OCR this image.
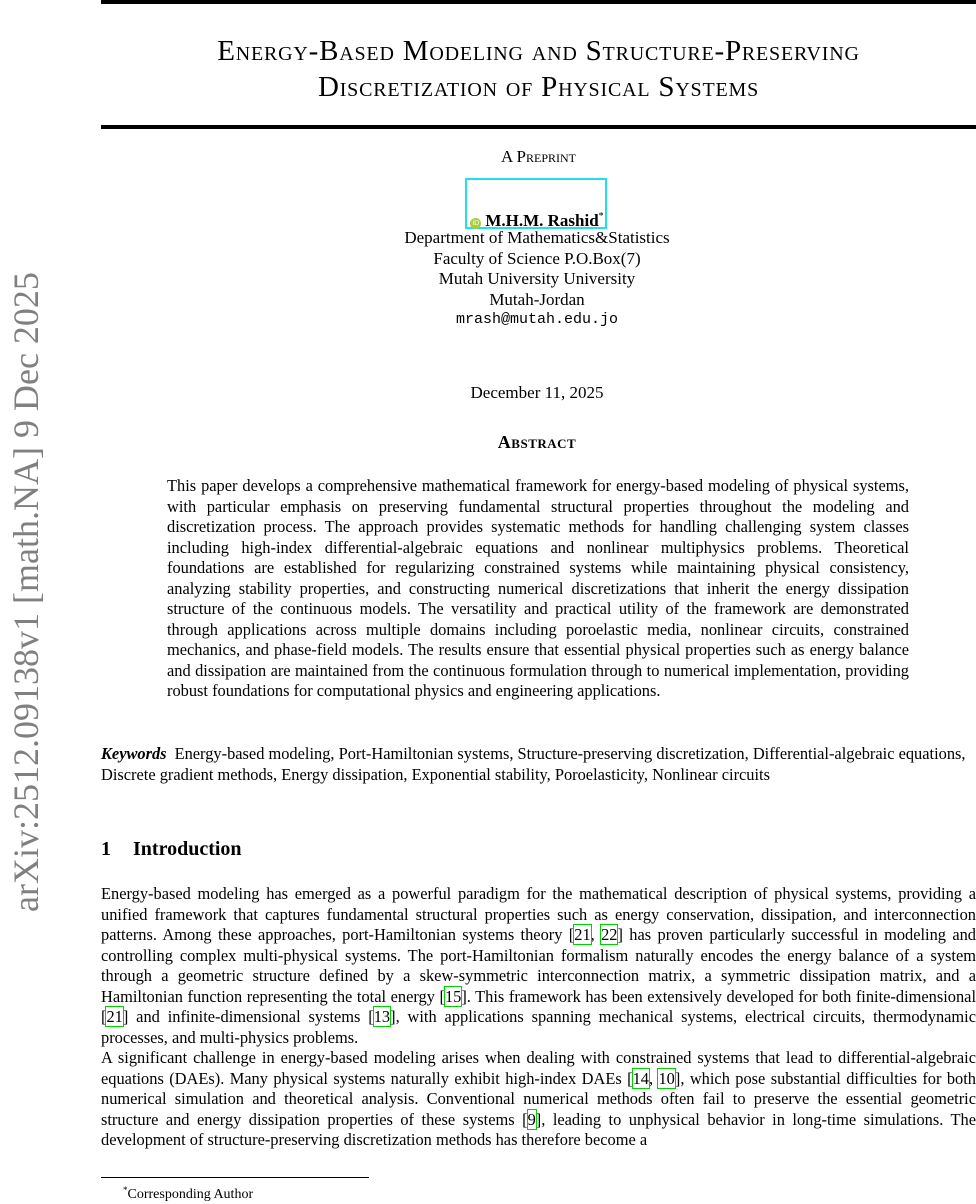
arXiv:2512.09138v1 [math.NA] 9 Dec 2025
Energy-Based Modeling and Structure-Preserving
Discretization of Physical Systems
A Preprint
iD M.H.M. Rashid*
Department of Mathematics&Statistics
Faculty of Science P.O.Box(7)
Mutah University University
Mutah-Jordan
mrash@mutah.edu.jo
December 11, 2025
Abstract
This paper develops a comprehensive mathematical framework for energy-based modeling of physical systems, with particular emphasis on preserving fundamental structural properties throughout the modeling and discretization process. The approach provides systematic methods for handling challenging system classes including high-index differential-algebraic equations and nonlinear multiphysics problems. Theoretical foundations are established for regularizing constrained systems while maintaining physical consistency, analyzing stability properties, and constructing numerical discretizations that inherit the energy dissipation structure of the continuous models. The versatility and practical utility of the framework are demonstrated through applications across multiple domains including poroelastic media, nonlinear circuits, constrained mechanics, and phase-field models. The results ensure that essential physical properties such as energy balance and dissipation are maintained from the continuous formulation through to numerical implementation, providing robust foundations for computational physics and engineering applications.
Keywords Energy-based modeling, Port-Hamiltonian systems, Structure-preserving discretization, Differential-algebraic equations, Discrete gradient methods, Energy dissipation, Exponential stability, Poroelasticity, Nonlinear circuits
1 Introduction
Energy-based modeling has emerged as a powerful paradigm for the mathematical description of physical systems, providing a unified framework that captures fundamental structural properties such as energy conservation, dissipation, and interconnection patterns. Among these approaches, port-Hamiltonian systems theory [21, 22] has proven particularly successful in modeling and controlling complex multi-physical systems. The port-Hamiltonian formalism naturally encodes the energy balance of a system through a geometric structure defined by a skew-symmetric interconnection matrix, a symmetric dissipation matrix, and a Hamiltonian function representing the total energy [15]. This framework has been extensively developed for both finite-dimensional [21] and infinite-dimensional systems [13], with applications spanning mechanical systems, electrical circuits, thermodynamic processes, and multi-physics problems.
A significant challenge in energy-based modeling arises when dealing with constrained systems that lead to differential-algebraic equations (DAEs). Many physical systems naturally exhibit high-index DAEs [14, 10], which pose substantial difficulties for both numerical simulation and theoretical analysis. Conventional numerical methods often fail to preserve the essential geometric structure and energy dissipation properties of these systems [9], leading to unphysical behavior in long-time simulations. The development of structure-preserving discretization methods has therefore become a
*Corresponding Author
